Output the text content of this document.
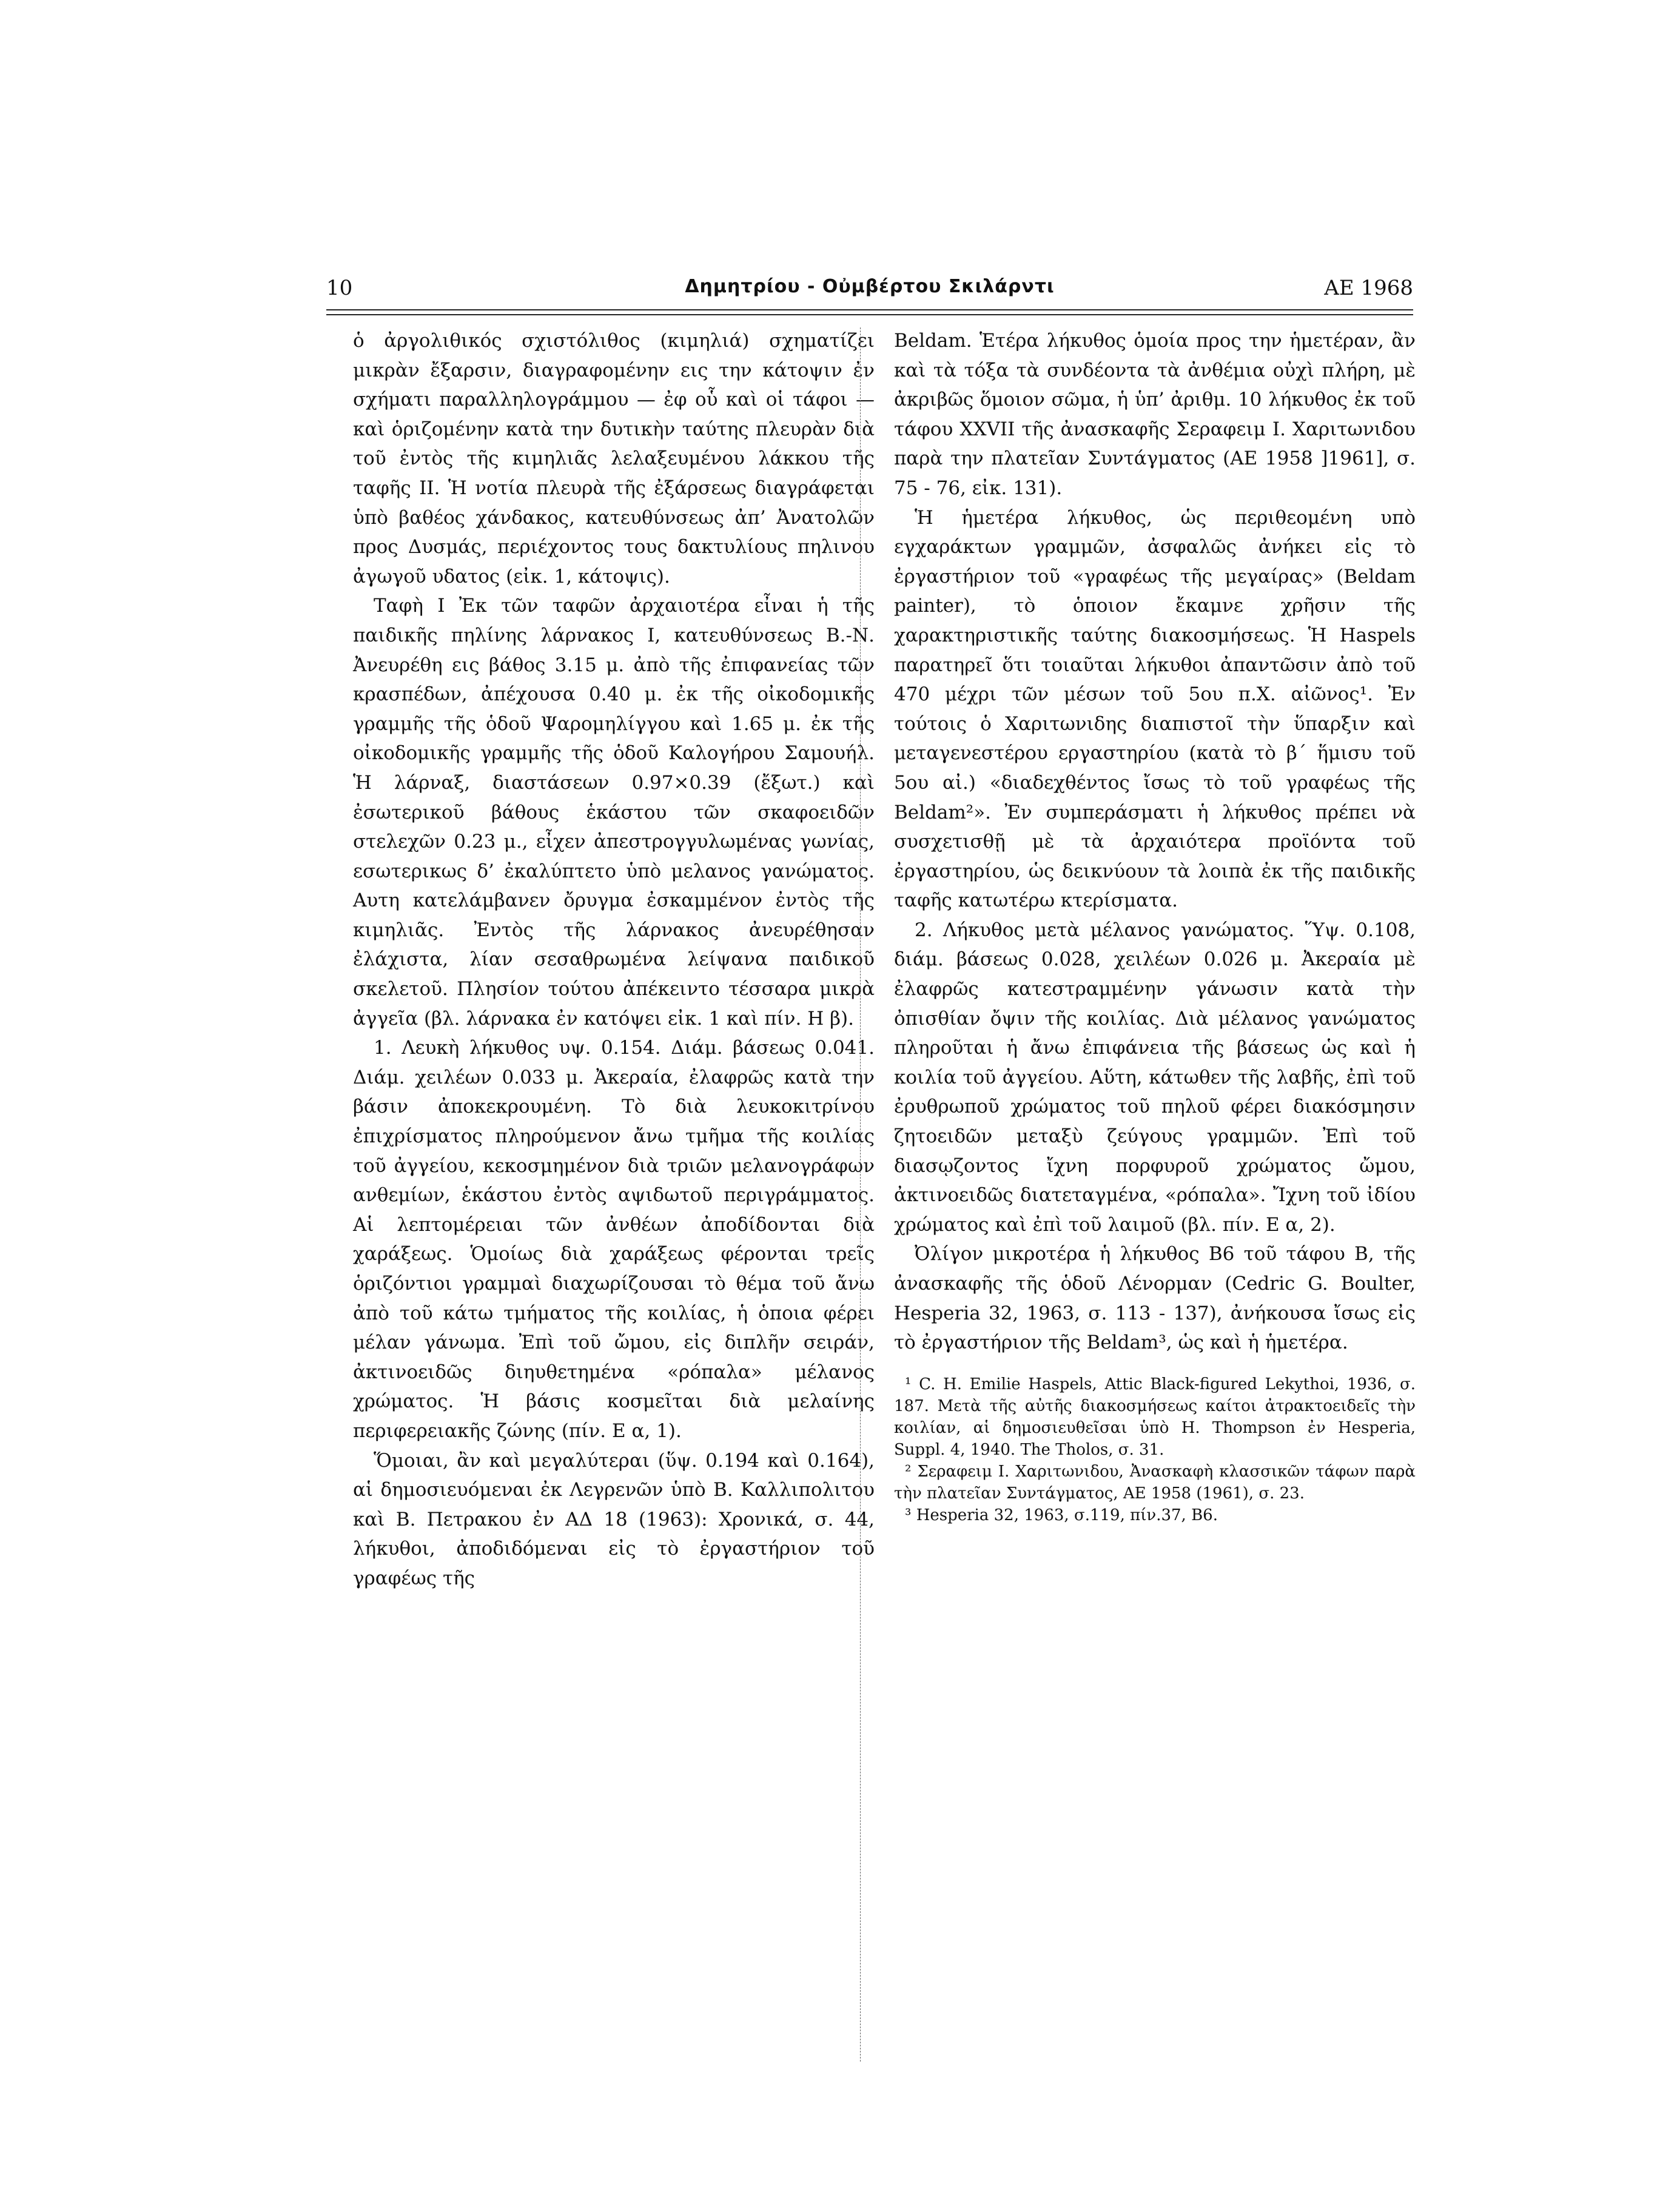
10	Δημητρίου - Οὐμβέρτου Σκιλάρντι	ΑΕ 1968

ὁ ἀργολιθικός σχιστόλιθος (κιμηλιά) σχηματίζει μικρὰν ἔξαρσιν, διαγραφομένην εις την κάτοψιν ἐν σχήματι παραλληλογράμμου — ἐφ οὗ καὶ οἱ τάφοι — καὶ ὁριζομένην κατὰ την δυτικὴν ταύτης πλευρὰν διὰ τοῦ ἐντὸς τῆς κιμηλιᾶς λελαξευμένου λάκκου τῆς ταφῆς ΙΙ. Ἡ νοτία πλευρὰ τῆς ἐξάρσεως διαγράφεται ὑπὸ βαθέος χάνδακος, κατευθύνσεως ἀπ’ Ἀνατολῶν προς Δυσμάς, περιέχοντος τους δακτυλίους πηλινου ἀγωγοῦ υδατος (εἰκ. 1, κάτοψις).

Ταφὴ Ι Ἐκ τῶν ταφῶν ἀρχαιοτέρα εἶναι ἡ τῆς παιδικῆς πηλίνης λάρνακος Ι, κατευθύνσεως Β.-Ν. Ἀνευρέθη εις βάθος 3.15 μ. ἀπὸ τῆς ἐπιφανείας τῶν κρασπέδων, ἀπέχουσα 0.40 μ. ἐκ τῆς οἰκοδομικῆς γραμμῆς τῆς ὁδοῦ Ψαρομηλίγγου καὶ 1.65 μ. ἐκ τῆς οἰκοδομικῆς γραμμῆς τῆς ὁδοῦ Καλογήρου Σαμουήλ. Ἡ λάρναξ, διαστάσεων 0.97×0.39 (ἔξωτ.) καὶ ἐσωτερικοῦ βάθους ἑκάστου τῶν σκαφοειδῶν στελεχῶν 0.23 μ., εἶχεν ἀπεστρογγυλωμένας γωνίας, εσωτερικως δ’ ἐκαλύπτετο ὑπὸ μελανος γανώματος. Αυτη κατελάμβανεν ὄρυγμα ἐσκαμμένον ἐντὸς τῆς κιμηλιᾶς. Ἐντὸς τῆς λάρνακος ἀνευρέθησαν ἐλάχιστα, λίαν σεσαθρωμένα λείψανα παιδικοῦ σκελετοῦ. Πλησίον τούτου ἀπέκειντο τέσσαρα μικρὰ ἀγγεῖα (βλ. λάρνακα ἐν κατόψει εἰκ. 1 καὶ πίν. Η β).

1. Λευκὴ λήκυθος υψ. 0.154. Διάμ. βάσεως 0.041. Διάμ. χειλέων 0.033 μ. Ἀκεραία, ἐλαφρῶς κατὰ την βάσιν ἀποκεκρουμένη. Τὸ διὰ λευκοκιτρίνου ἐπιχρίσματος πληρούμενον ἄνω τμῆμα τῆς κοιλίας τοῦ ἀγγείου, κεκοσμημένον διὰ τριῶν μελανογράφων ανθεμίων, ἑκάστου ἐντὸς αψιδωτοῦ περιγράμματος. Αἱ λεπτομέρειαι τῶν ἀνθέων ἀποδίδονται διὰ χαράξεως. Ὁμοίως διὰ χαράξεως φέρονται τρεῖς ὁριζόντιοι γραμμαὶ διαχωρίζουσαι τὸ θέμα τοῦ ἄνω ἀπὸ τοῦ κάτω τμήματος τῆς κοιλίας, ἡ ὁποια φέρει μέλαν γάνωμα. Ἐπὶ τοῦ ὤμου, εἰς διπλῆν σειράν, ἀκτινοειδῶς διηυθετημένα «ρόπαλα» μέλανος χρώματος. Ἡ βάσις κοσμεῖται διὰ μελαίνης περιφερειακῆς ζώνης (πίν. Ε α, 1).

Ὅμοιαι, ἂν καὶ μεγαλύτεραι (ὕψ. 0.194 καὶ 0.164), αἱ δημοσιευόμεναι ἐκ Λεγρενῶν ὑπὸ Β. Καλλιπολιτου καὶ Β. Πετρακου ἐν ΑΔ 18 (1963): Χρονικά, σ. 44, λήκυθοι, ἀποδιδόμεναι εἰς τὸ ἐργαστήριον τοῦ γραφέως τῆς

Beldam. Ἑτέρα λήκυθος ὁμοία προς την ἡμετέραν, ἂν καὶ τὰ τόξα τὰ συνδέοντα τὰ ἀνθέμια οὐχὶ πλήρη, μὲ ἀκριβῶς ὅμοιον σῶμα, ἡ ὑπ’ ἀριθμ. 10 λήκυθος ἐκ τοῦ τάφου XXVII τῆς ἀνασκαφῆς Σεραφειμ Ι. Χαριτωνιδου παρὰ την πλατεῖαν Συντάγματος (ΑΕ 1958 ]1961], σ. 75 - 76, εἰκ. 131).

Ἡ ἡμετέρα λήκυθος, ὡς περιθεομένη υπὸ εγχαράκτων γραμμῶν, ἀσφαλῶς ἀνήκει εἰς τὸ ἐργαστήριον τοῦ «γραφέως τῆς μεγαίρας» (Beldam painter), τὸ ὁποιον ἔκαμνε χρῆσιν τῆς χαρακτηριστικῆς ταύτης διακοσμήσεως. Ἡ Haspels παρατηρεῖ ὅτι τοιαῦται λήκυθοι ἀπαντῶσιν ἀπὸ τοῦ 470 μέχρι τῶν μέσων τοῦ 5ου π.Χ. αἰῶνος¹. Ἐν τούτοις ὁ Χαριτωνιδης διαπιστοῖ τὴν ὕπαρξιν καὶ μεταγενεστέρου εργαστηρίου (κατὰ τὸ β΄ ἥμισυ τοῦ 5ου αἰ.) «διαδεχθέντος ἴσως τὸ τοῦ γραφέως τῆς Beldam²». Ἐν συμπεράσματι ἡ λήκυθος πρέπει νὰ συσχετισθῇ μὲ τὰ ἀρχαιότερα προϊόντα τοῦ ἐργαστηρίου, ὡς δεικνύουν τὰ λοιπὰ ἐκ τῆς παιδικῆς ταφῆς κατωτέρω κτερίσματα.

2. Λήκυθος μετὰ μέλανος γανώματος. Ὕψ. 0.108, διάμ. βάσεως 0.028, χειλέων 0.026 μ. Ἀκεραία μὲ ἐλαφρῶς κατεστραμμένην γάνωσιν κατὰ τὴν ὀπισθίαν ὄψιν τῆς κοιλίας. Διὰ μέλανος γανώματος πληροῦται ἡ ἄνω ἐπιφάνεια τῆς βάσεως ὡς καὶ ἡ κοιλία τοῦ ἀγγείου. Αὕτη, κάτωθεν τῆς λαβῆς, ἐπὶ τοῦ ἐρυθρωποῦ χρώματος τοῦ πηλοῦ φέρει διακόσμησιν ζητοειδῶν μεταξὺ ζεύγους γραμμῶν. Ἐπὶ τοῦ διασῳζοντος ἴχνη πορφυροῦ χρώματος ὤμου, ἀκτινοειδῶς διατεταγμένα, «ρόπαλα». Ἴχνη τοῦ ἰδίου χρώματος καὶ ἐπὶ τοῦ λαιμοῦ (βλ. πίν. Ε α, 2).

Ὀλίγον μικροτέρα ἡ λήκυθος Β6 τοῦ τάφου Β, τῆς ἀνασκαφῆς τῆς ὁδοῦ Λένορμαν (Cedric G. Boulter, Hesperia 32, 1963, σ. 113 - 137), ἀνήκουσα ἴσως εἰς τὸ ἐργαστήριον τῆς Beldam³, ὡς καὶ ἡ ἡμετέρα.

¹ C. H. Emilie Haspels, Attic Black-figured Lekythoi, 1936, σ. 187. Μετὰ τῆς αὐτῆς διακοσμήσεως καίτοι ἀτρακτοειδεῖς τὴν κοιλίαν, αἱ δημοσιευθεῖσαι ὑπὸ H. Thompson ἐν Hesperia, Suppl. 4, 1940. The Tholos, σ. 31.

² Σεραφειμ Ι. Χαριτωνιδου, Ἀνασκαφὴ κλασσικῶν τάφων παρὰ τὴν πλατεῖαν Συντάγματος, ΑΕ 1958 (1961), σ. 23.

³ Hesperia 32, 1963, σ.119, πίν.37, Β6.
